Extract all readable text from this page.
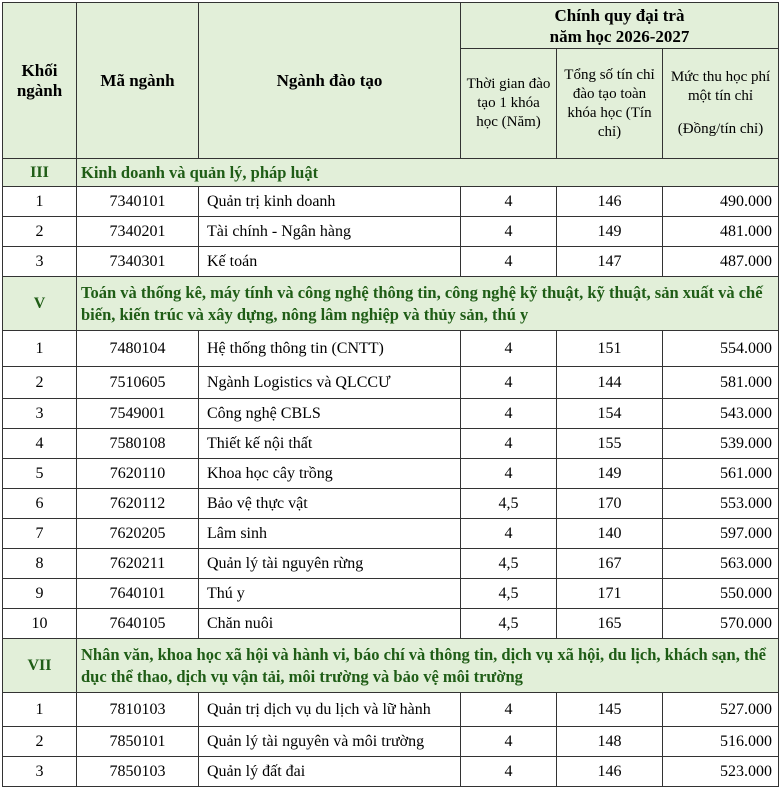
Khối ngành	Mã ngành	Ngành đào tạo	Chính quy đại trà
năm học 2026-2027		

			Thời gian đào tạo 1 khóa học (Năm)	Tổng số tín chỉ đào tạo toàn khóa học (Tín chỉ)	Mức thu học phí một tín chỉ
(Đồng/tín chỉ)

III	Kinh doanh và quản lý, pháp luật				
1	7340101	Quản trị kinh doanh	4	146	490.000
2	7340201	Tài chính - Ngân hàng	4	149	481.000
3	7340301	Kế toán	4	147	487.000
V	Toán và thống kê, máy tính và công nghệ thông tin, công nghệ kỹ thuật, kỹ thuật, sản xuất và chế biến, kiến trúc và xây dựng, nông lâm nghiệp và thủy sản, thú y				
1	7480104	Hệ thống thông tin (CNTT)	4	151	554.000
2	7510605	Ngành Logistics và QLCCƯ	4	144	581.000
3	7549001	Công nghệ CBLS	4	154	543.000
4	7580108	Thiết kế nội thất	4	155	539.000
5	7620110	Khoa học cây trồng	4	149	561.000
6	7620112	Bảo vệ thực vật	4,5	170	553.000
7	7620205	Lâm sinh	4	140	597.000
8	7620211	Quản lý tài nguyên rừng	4,5	167	563.000
9	7640101	Thú y	4,5	171	550.000
10	7640105	Chăn nuôi	4,5	165	570.000
VII	Nhân văn, khoa học xã hội và hành vi, báo chí và thông tin, dịch vụ xã hội, du lịch, khách sạn, thể dục thể thao, dịch vụ vận tải, môi trường và bảo vệ môi trường				
1	7810103	Quản trị dịch vụ du lịch và lữ hành	4	145	527.000
2	7850101	Quản lý tài nguyên và môi trường	4	148	516.000
3	7850103	Quản lý đất đai	4	146	523.000
